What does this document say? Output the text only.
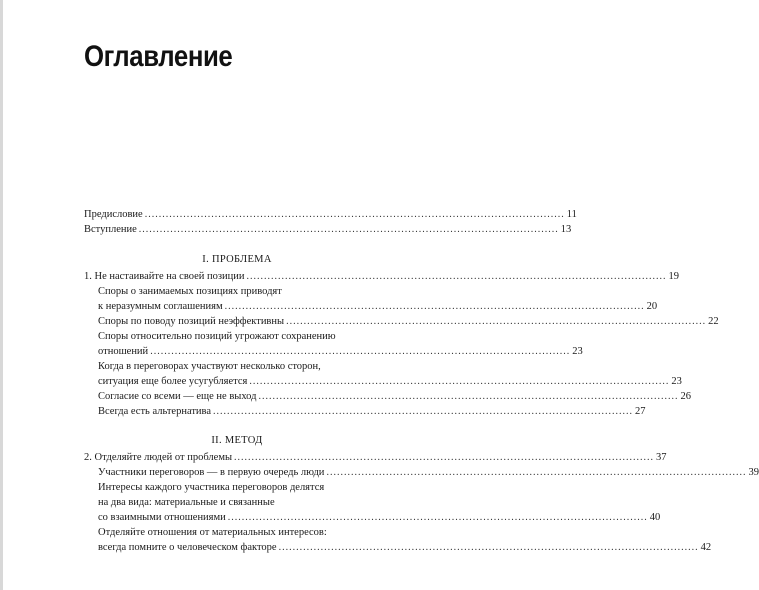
Оглавление
Предисловие ........................................................................................................................ 11
Вступление ........................................................................................................................ 13
I. ПРОБЛЕМА
1. Не настаивайте на своей позиции ........................................................................................................................ 19
Споры о занимаемых позициях приводят
к неразумным соглашениям ........................................................................................................................ 20
Споры по поводу позиций неэффективны ........................................................................................................................ 22
Споры относительно позиций угрожают сохранению
отношений ........................................................................................................................ 23
Когда в переговорах участвуют несколько сторон,
ситуация еще более усугубляется ........................................................................................................................ 23
Согласие со всеми — еще не выход ........................................................................................................................ 26
Всегда есть альтернатива ........................................................................................................................ 27
II. МЕТОД
2. Отделяйте людей от проблемы ........................................................................................................................ 37
Участники переговоров — в первую очередь люди ........................................................................................................................ 39
Интересы каждого участника переговоров делятся
на два вида: материальные и связанные
со взаимными отношениями ........................................................................................................................ 40
Отделяйте отношения от материальных интересов:
всегда помните о человеческом факторе ........................................................................................................................ 42
